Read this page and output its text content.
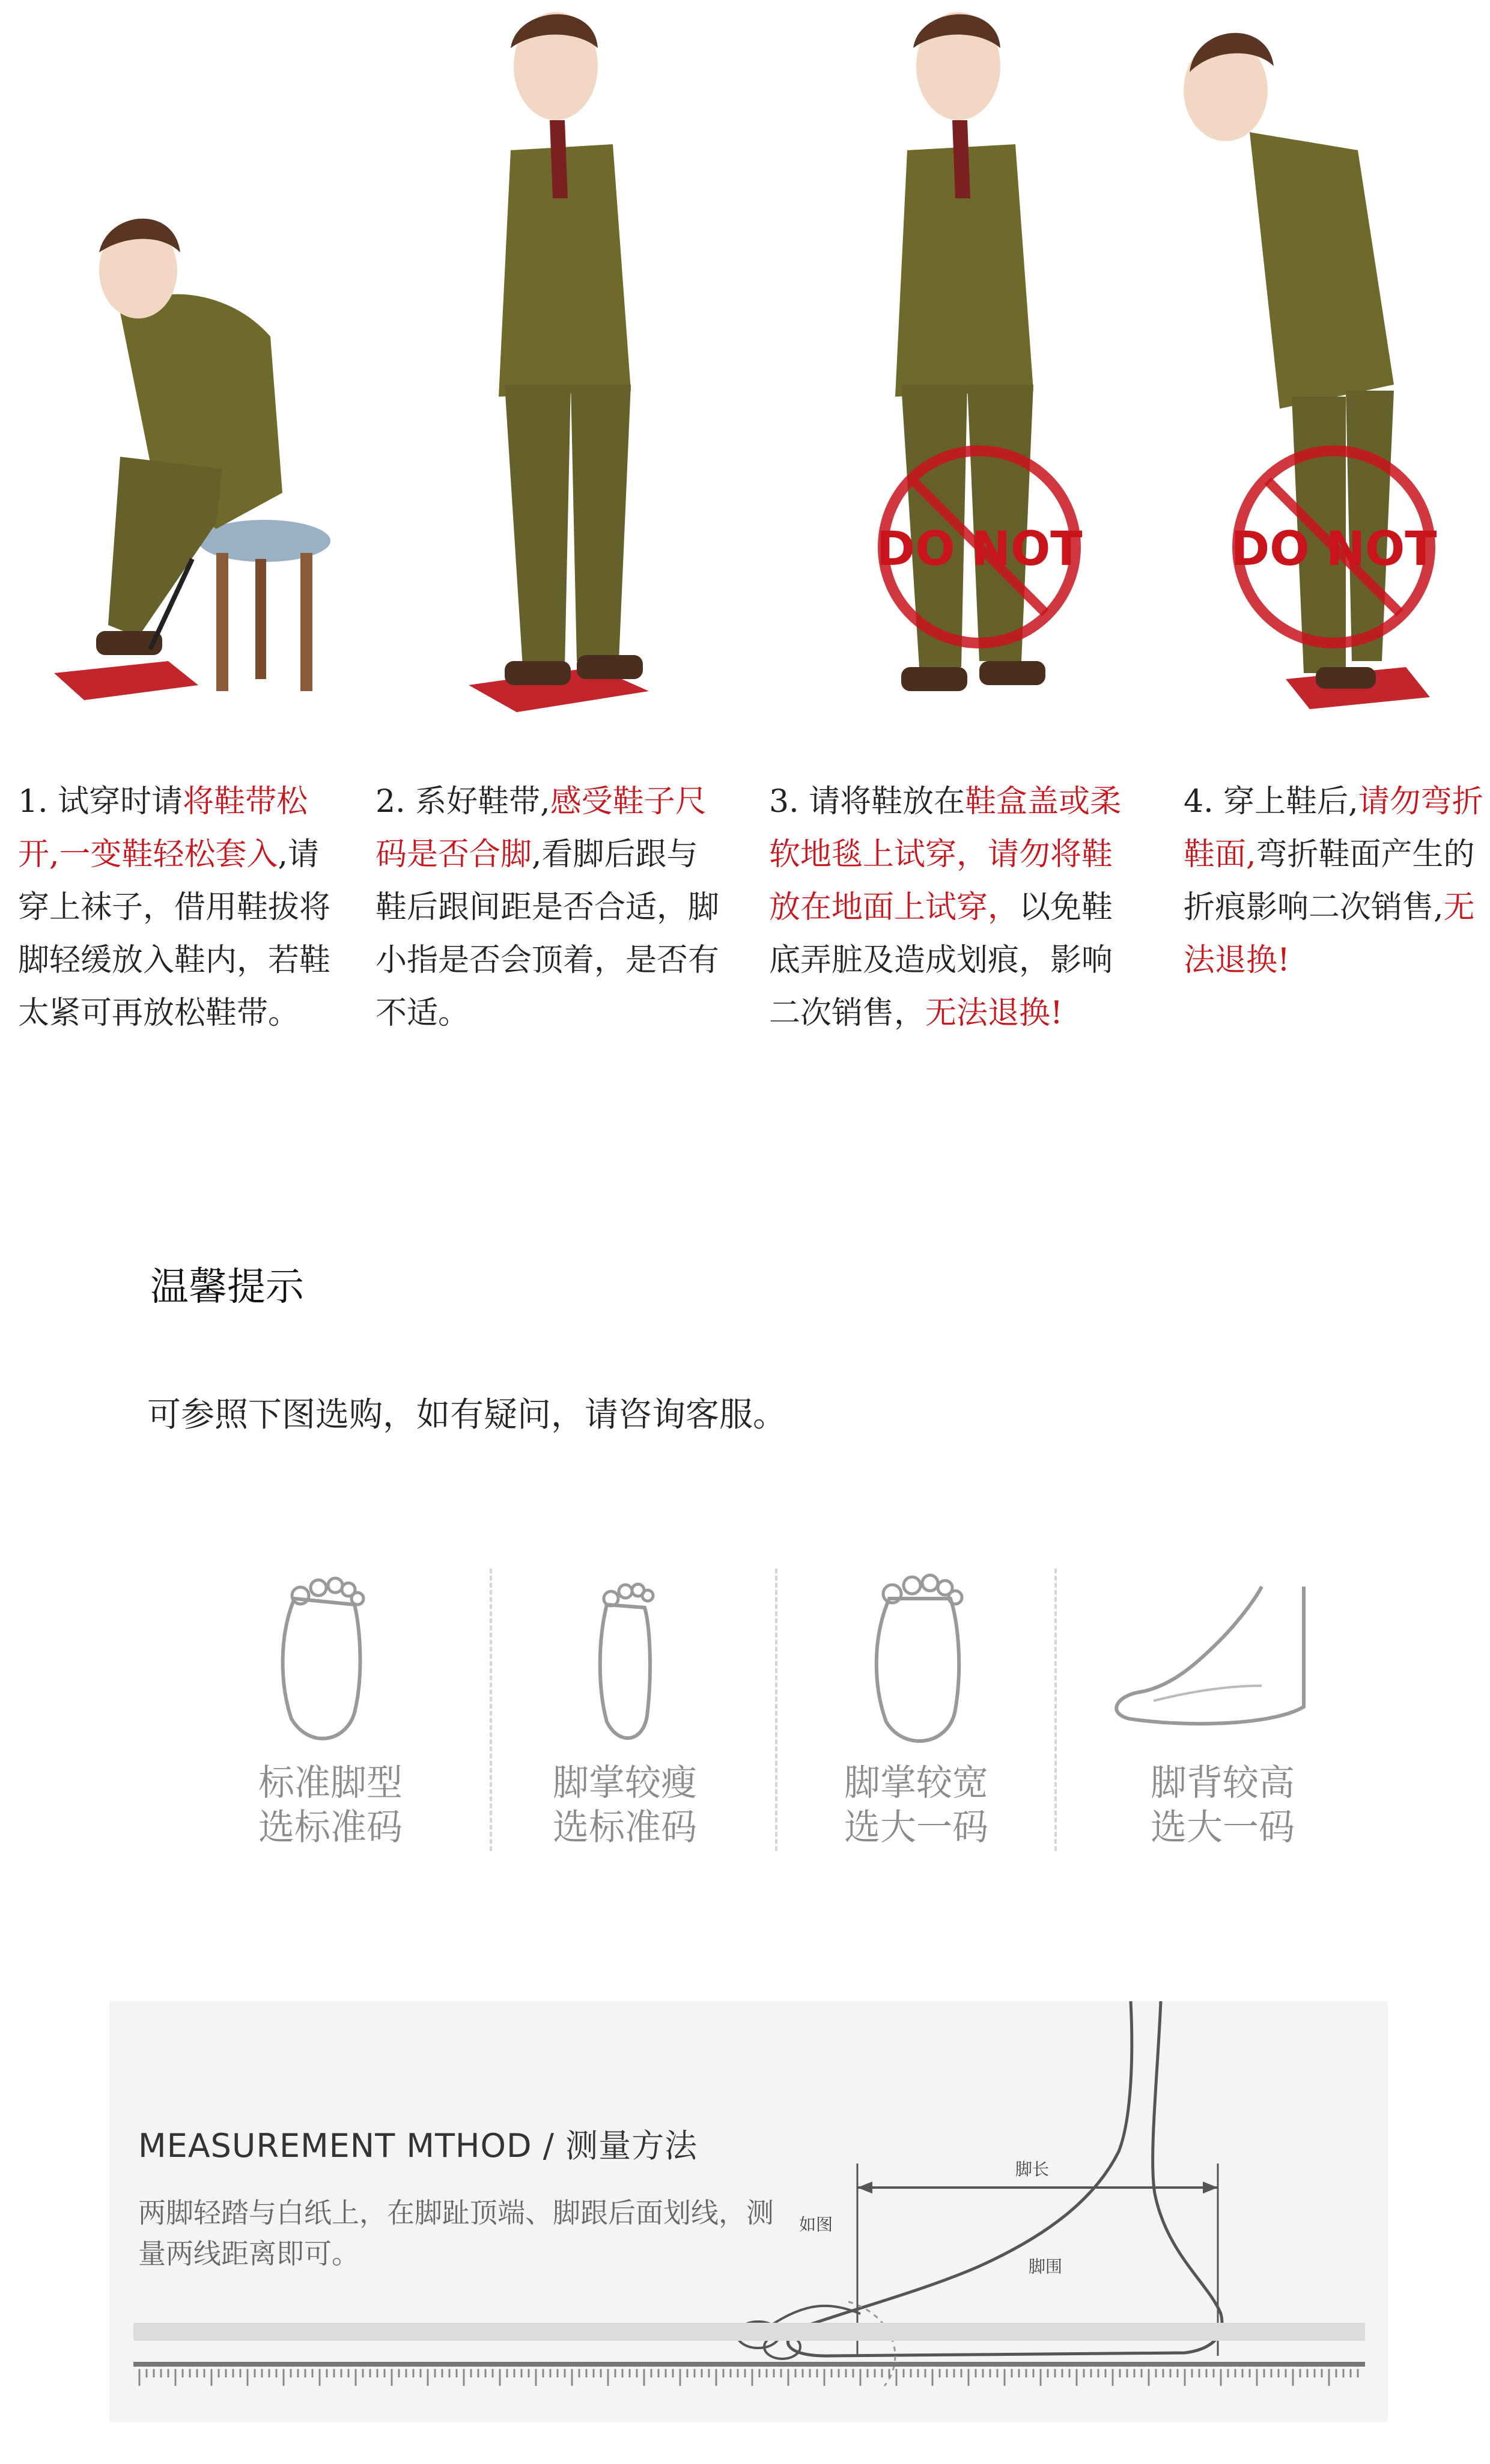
DO NOT	DO NOT
1. 试穿时请将鞋带松
开,一变鞋轻松套入,请
穿上袜子，借用鞋拔将
脚轻缓放入鞋内，若鞋
太紧可再放松鞋带。
2. 系好鞋带,感受鞋子尺
码是否合脚,看脚后跟与
鞋后跟间距是否合适，脚
小指是否会顶着，是否有
不适。
3. 请将鞋放在鞋盒盖或柔
软地毯上试穿，请勿将鞋
放在地面上试穿，以免鞋
底弄脏及造成划痕，影响
二次销售，无法退换!
4. 穿上鞋后,请勿弯折
鞋面,弯折鞋面产生的
折痕影响二次销售,无
法退换!
温馨提示
可参照下图选购，如有疑问，请咨询客服。
标准脚型
选标准码
脚掌较瘦
选标准码
脚掌较宽
选大一码
脚背较高
选大一码
MEASUREMENT MTHOD / 测量方法
两脚轻踏与白纸上，在脚趾顶端、脚跟后面划线，测量两线距离即可。
如图
脚长
脚围
